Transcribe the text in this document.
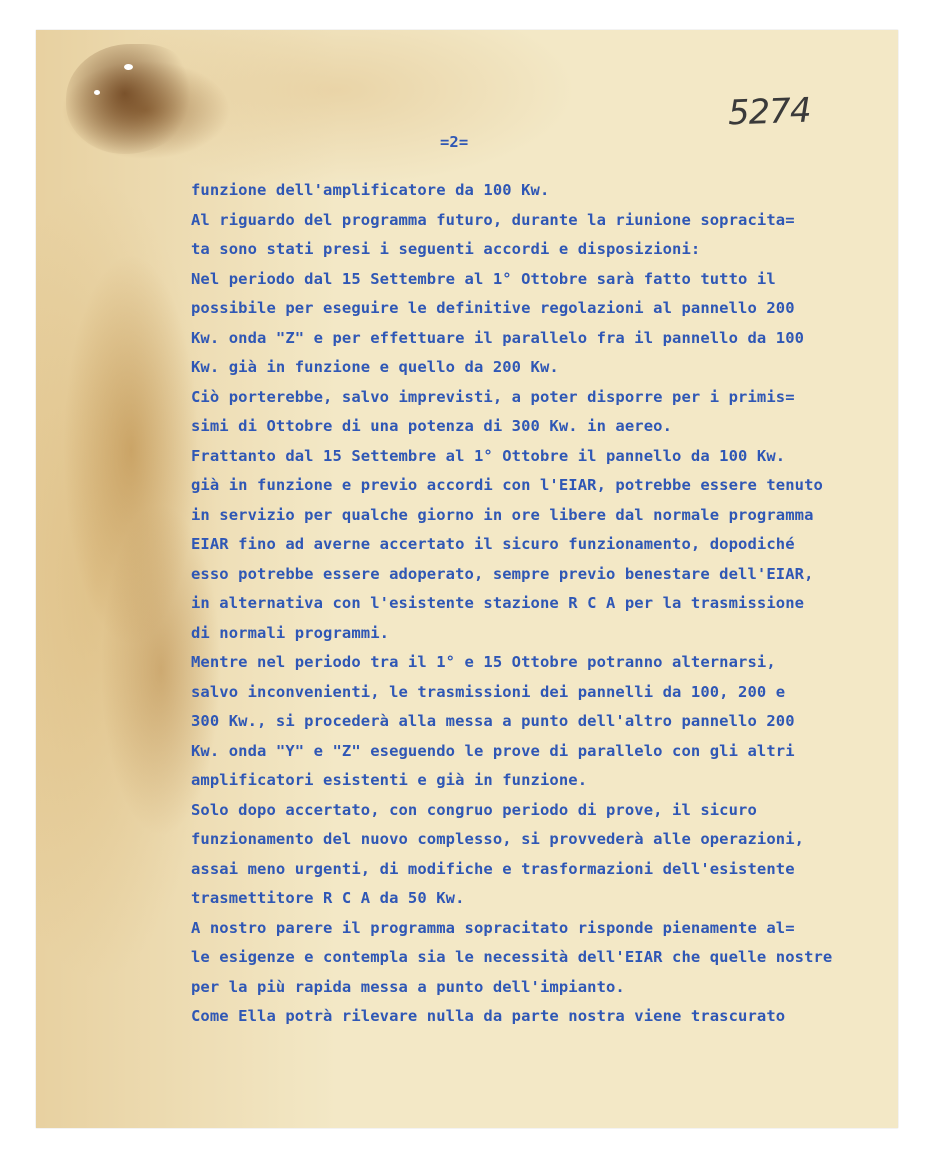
=2=
5274
funzione dell'amplificatore da 100 Kw.
Al riguardo del programma futuro, durante la riunione sopracita=
ta sono stati presi i seguenti accordi e disposizioni:
Nel periodo dal 15 Settembre al 1° Ottobre sarà fatto tutto il
possibile per eseguire le definitive regolazioni al pannello 200
Kw. onda "Z" e per effettuare il parallelo fra il pannello da 100
Kw. già in funzione e quello da 200 Kw.
Ciò porterebbe, salvo imprevisti, a poter disporre per i primis=
simi di Ottobre di una potenza di 300 Kw. in aereo.
Frattanto dal 15 Settembre al 1° Ottobre il pannello da 100 Kw.
già in funzione e previo accordi con l'EIAR, potrebbe essere tenuto
in servizio per qualche giorno in ore libere dal normale programma
EIAR fino ad averne accertato il sicuro funzionamento, dopodiché
esso potrebbe essere adoperato, sempre previo benestare dell'EIAR,
in alternativa con l'esistente stazione R C A per la trasmissione
di normali programmi.
Mentre nel periodo tra il 1° e 15 Ottobre potranno alternarsi,
salvo inconvenienti, le trasmissioni dei pannelli da 100, 200 e
300 Kw., si procederà alla messa a punto dell'altro pannello 200
Kw. onda "Y" e "Z" eseguendo le prove di parallelo con gli altri
amplificatori esistenti e già in funzione.
Solo dopo accertato, con congruo periodo di prove, il sicuro
funzionamento del nuovo complesso, si provvederà alle operazioni,
assai meno urgenti, di modifiche e trasformazioni dell'esistente
trasmettitore R C A da 50 Kw.
A nostro parere il programma sopracitato risponde pienamente al=
le esigenze e contempla sia le necessità dell'EIAR che quelle nostre
per la più rapida messa a punto dell'impianto.
Come Ella potrà rilevare nulla da parte nostra viene trascurato
